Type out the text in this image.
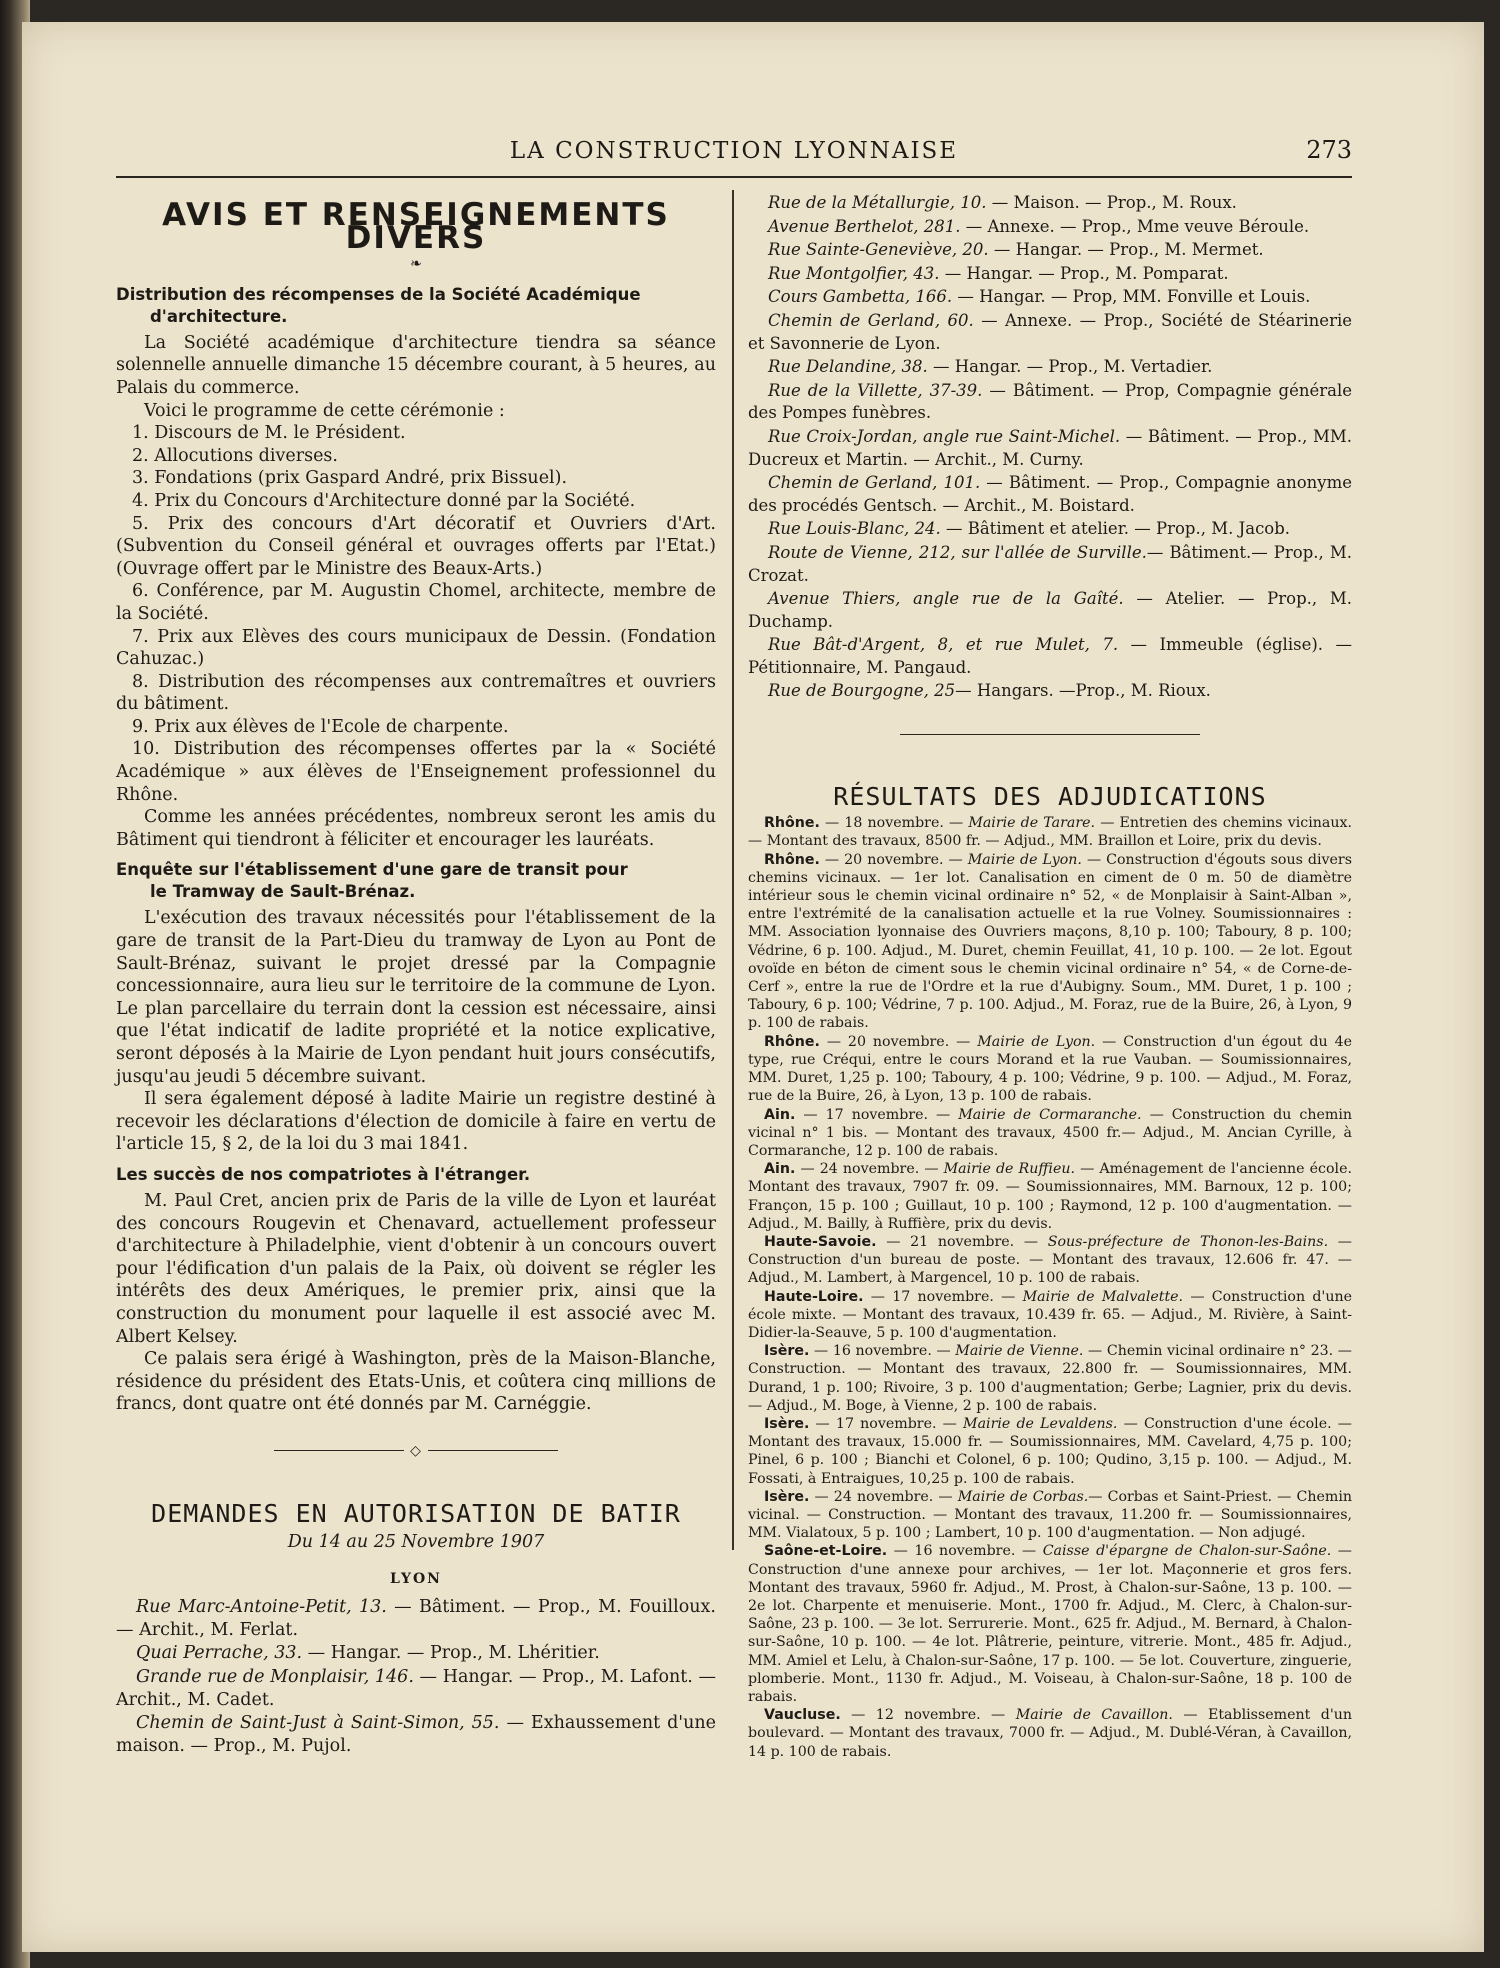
LA CONSTRUCTION LYONNAISE	273
AVIS ET RENSEIGNEMENTS DIVERS
❧
Distribution des récompenses de la Société Académique
d'architecture.

La Société académique d'architecture tiendra sa séance solennelle annuelle dimanche 15 décembre courant, à 5 heures, au Palais du commerce.

Voici le programme de cette cérémonie :

1. Discours de M. le Président.

2. Allocutions diverses.

3. Fondations (prix Gaspard André, prix Bissuel).

4. Prix du Concours d'Architecture donné par la Société.

5. Prix des concours d'Art décoratif et Ouvriers d'Art. (Subvention du Conseil général et ouvrages offerts par l'Etat.) (Ouvrage offert par le Ministre des Beaux-Arts.)

6. Conférence, par M. Augustin Chomel, architecte, membre de la Société.

7. Prix aux Elèves des cours municipaux de Dessin. (Fondation Cahuzac.)

8. Distribution des récompenses aux contremaîtres et ouvriers du bâtiment.

9. Prix aux élèves de l'Ecole de charpente.

10. Distribution des récompenses offertes par la « Société Académique » aux élèves de l'Enseignement professionnel du Rhône.

Comme les années précédentes, nombreux seront les amis du Bâtiment qui tiendront à féliciter et encourager les lauréats.

Enquête sur l'établissement d'une gare de transit pour
le Tramway de Sault-Brénaz.

L'exécution des travaux nécessités pour l'établissement de la gare de transit de la Part-Dieu du tramway de Lyon au Pont de Sault-Brénaz, suivant le projet dressé par la Compagnie concessionnaire, aura lieu sur le territoire de la commune de Lyon. Le plan parcellaire du terrain dont la cession est nécessaire, ainsi que l'état indicatif de ladite propriété et la notice explicative, seront déposés à la Mairie de Lyon pendant huit jours consécutifs, jusqu'au jeudi 5 décembre suivant.

Il sera également déposé à ladite Mairie un registre destiné à recevoir les déclarations d'élection de domicile à faire en vertu de l'article 15, § 2, de la loi du 3 mai 1841.

Les succès de nos compatriotes à l'étranger.

M. Paul Cret, ancien prix de Paris de la ville de Lyon et lauréat des concours Rougevin et Chenavard, actuellement professeur d'architecture à Philadelphie, vient d'obtenir à un concours ouvert pour l'édification d'un palais de la Paix, où doivent se régler les intérêts des deux Amériques, le premier prix, ainsi que la construction du monument pour laquelle il est associé avec M. Albert Kelsey.

Ce palais sera érigé à Washington, près de la Maison-Blanche, résidence du président des Etats-Unis, et coûtera cinq millions de francs, dont quatre ont été donnés par M. Carnéggie.

◇
DEMANDES EN AUTORISATION DE BATIR
Du 14 au 25 Novembre 1907
LYON

Rue Marc-Antoine-Petit, 13. — Bâtiment. — Prop., M. Fouilloux. — Archit., M. Ferlat.

Quai Perrache, 33. — Hangar. — Prop., M. Lhéritier.

Grande rue de Monplaisir, 146. — Hangar. — Prop., M. Lafont. — Archit., M. Cadet.

Chemin de Saint-Just à Saint-Simon, 55. — Exhaussement d'une maison. — Prop., M. Pujol.

Rue de la Métallurgie, 10. — Maison. — Prop., M. Roux.

Avenue Berthelot, 281. — Annexe. — Prop., Mme veuve Béroule.

Rue Sainte-Geneviève, 20. — Hangar. — Prop., M. Mermet.

Rue Montgolfier, 43. — Hangar. — Prop., M. Pomparat.

Cours Gambetta, 166. — Hangar. — Prop, MM. Fonville et Louis.

Chemin de Gerland, 60. — Annexe. — Prop., Société de Stéarinerie et Savonnerie de Lyon.

Rue Delandine, 38. — Hangar. — Prop., M. Vertadier.

Rue de la Villette, 37-39. — Bâtiment. — Prop, Compagnie générale des Pompes funèbres.

Rue Croix-Jordan, angle rue Saint-Michel. — Bâtiment. — Prop., MM. Ducreux et Martin. — Archit., M. Curny.

Chemin de Gerland, 101. — Bâtiment. — Prop., Compagnie anonyme des procédés Gentsch. — Archit., M. Boistard.

Rue Louis-Blanc, 24. — Bâtiment et atelier. — Prop., M. Jacob.

Route de Vienne, 212, sur l'allée de Surville.— Bâtiment.— Prop., M. Crozat.

Avenue Thiers, angle rue de la Gaîté. — Atelier. — Prop., M. Duchamp.

Rue Bât-d'Argent, 8, et rue Mulet, 7. — Immeuble (église). — Pétitionnaire, M. Pangaud.

Rue de Bourgogne, 25— Hangars. —Prop., M. Rioux.

RÉSULTATS DES ADJUDICATIONS

Rhône. — 18 novembre. — Mairie de Tarare. — Entretien des chemins vicinaux. — Montant des travaux, 8500 fr. — Adjud., MM. Braillon et Loire, prix du devis.

Rhône. — 20 novembre. — Mairie de Lyon. — Construction d'égouts sous divers chemins vicinaux. — 1er lot. Canalisation en ciment de 0 m. 50 de diamètre intérieur sous le chemin vicinal ordinaire n° 52, « de Monplaisir à Saint-Alban », entre l'extrémité de la canalisation actuelle et la rue Volney. Soumissionnaires : MM. Association lyonnaise des Ouvriers maçons, 8,10 p. 100; Taboury, 8 p. 100; Védrine, 6 p. 100. Adjud., M. Duret, chemin Feuillat, 41, 10 p. 100. — 2e lot. Egout ovoïde en béton de ciment sous le chemin vicinal ordinaire n° 54, « de Corne-de-Cerf », entre la rue de l'Ordre et la rue d'Aubigny. Soum., MM. Duret, 1 p. 100 ; Taboury, 6 p. 100; Védrine, 7 p. 100. Adjud., M. Foraz, rue de la Buire, 26, à Lyon, 9 p. 100 de rabais.

Rhône. — 20 novembre. — Mairie de Lyon. — Construction d'un égout du 4e type, rue Créqui, entre le cours Morand et la rue Vauban. — Soumissionnaires, MM. Duret, 1,25 p. 100; Taboury, 4 p. 100; Védrine, 9 p. 100. — Adjud., M. Foraz, rue de la Buire, 26, à Lyon, 13 p. 100 de rabais.

Ain. — 17 novembre. — Mairie de Cormaranche. — Construction du chemin vicinal n° 1 bis. — Montant des travaux, 4500 fr.— Adjud., M. Ancian Cyrille, à Cormaranche, 12 p. 100 de rabais.

Ain. — 24 novembre. — Mairie de Ruffieu. — Aménagement de l'ancienne école. Montant des travaux, 7907 fr. 09. — Soumissionnaires, MM. Barnoux, 12 p. 100; Françon, 15 p. 100 ; Guillaut, 10 p. 100 ; Raymond, 12 p. 100 d'augmentation. — Adjud., M. Bailly, à Ruffière, prix du devis.

Haute-Savoie. — 21 novembre. — Sous-préfecture de Thonon-les-Bains. — Construction d'un bureau de poste. — Montant des travaux, 12.606 fr. 47. — Adjud., M. Lambert, à Margencel, 10 p. 100 de rabais.

Haute-Loire. — 17 novembre. — Mairie de Malvalette. — Construction d'une école mixte. — Montant des travaux, 10.439 fr. 65. — Adjud., M. Rivière, à Saint-Didier-la-Seauve, 5 p. 100 d'augmentation.

Isère. — 16 novembre. — Mairie de Vienne. — Chemin vicinal ordinaire n° 23. — Construction. — Montant des travaux, 22.800 fr. — Soumissionnaires, MM. Durand, 1 p. 100; Rivoire, 3 p. 100 d'augmentation; Gerbe; Lagnier, prix du devis. — Adjud., M. Boge, à Vienne, 2 p. 100 de rabais.

Isère. — 17 novembre. — Mairie de Levaldens. — Construction d'une école. — Montant des travaux, 15.000 fr. — Soumissionnaires, MM. Cavelard, 4,75 p. 100; Pinel, 6 p. 100 ; Bianchi et Colonel, 6 p. 100; Qudino, 3,15 p. 100. — Adjud., M. Fossati, à Entraigues, 10,25 p. 100 de rabais.

Isère. — 24 novembre. — Mairie de Corbas.— Corbas et Saint-Priest. — Chemin vicinal. — Construction. — Montant des travaux, 11.200 fr. — Soumissionnaires, MM. Vialatoux, 5 p. 100 ; Lambert, 10 p. 100 d'augmentation. — Non adjugé.

Saône-et-Loire. — 16 novembre. — Caisse d'épargne de Chalon-sur-Saône. — Construction d'une annexe pour archives, — 1er lot. Maçonnerie et gros fers. Montant des travaux, 5960 fr. Adjud., M. Prost, à Chalon-sur-Saône, 13 p. 100. — 2e lot. Charpente et menuiserie. Mont., 1700 fr. Adjud., M. Clerc, à Chalon-sur-Saône, 23 p. 100. — 3e lot. Serrurerie. Mont., 625 fr. Adjud., M. Bernard, à Chalon-sur-Saône, 10 p. 100. — 4e lot. Plâtrerie, peinture, vitrerie. Mont., 485 fr. Adjud., MM. Amiel et Lelu, à Chalon-sur-Saône, 17 p. 100. — 5e lot. Couverture, zinguerie, plomberie. Mont., 1130 fr. Adjud., M. Voiseau, à Chalon-sur-Saône, 18 p. 100 de rabais.

Vaucluse. — 12 novembre. — Mairie de Cavaillon. — Etablissement d'un boulevard. — Montant des travaux, 7000 fr. — Adjud., M. Dublé-Véran, à Cavaillon, 14 p. 100 de rabais.
